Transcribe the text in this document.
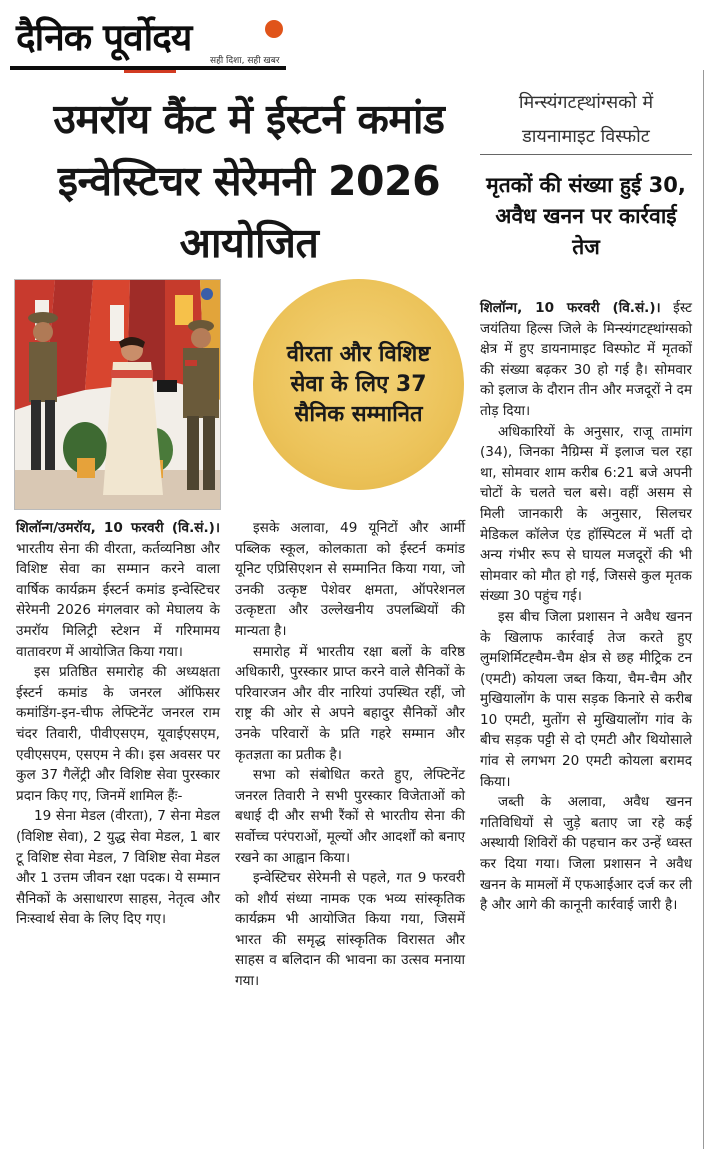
दैनिक पूर्वोदय
सही दिशा, सही खबर
उमरॉय कैंट में ईस्टर्न कमांड इन्वेस्टिचर सेरेमनी 2026 आयोजित
वीरता और विशिष्ट सेवा के लिए 37 सैनिक सम्मानित

शिलॉन्ग/उमरॉय, 10 फरवरी (वि.सं.)। भारतीय सेना की वीरता, कर्तव्यनिष्ठा और विशिष्ट सेवा का सम्मान करने वाला वार्षिक कार्यक्रम ईस्टर्न कमांड इन्वेस्टिचर सेरेमनी 2026 मंगलवार को मेघालय के उमरॉय मिलिट्री स्टेशन में गरिमामय वातावरण में आयोजित किया गया।

इस प्रतिष्ठित समारोह की अध्यक्षता ईस्टर्न कमांड के जनरल ऑफिसर कमांडिंग-इन-चीफ लेफ्टिनेंट जनरल राम चंदर तिवारी, पीवीएसएम, यूवाईएसएम, एवीएसएम, एसएम ने की। इस अवसर पर कुल 37 गैलेंट्री और विशिष्ट सेवा पुरस्कार प्रदान किए गए, जिनमें शामिल हैंः-

19 सेना मेडल (वीरता), 7 सेना मेडल (विशिष्ट सेवा), 2 युद्ध सेवा मेडल, 1 बार टू विशिष्ट सेवा मेडल, 7 विशिष्ट सेवा मेडल और 1 उत्तम जीवन रक्षा पदक। ये सम्मान सैनिकों के असाधारण साहस, नेतृत्व और निःस्वार्थ सेवा के लिए दिए गए।

इसके अलावा, 49 यूनिटों और आर्मी पब्लिक स्कूल, कोलकाता को ईस्टर्न कमांड यूनिट एप्रिसिएशन से सम्मानित किया गया, जो उनकी उत्कृष्ट पेशेवर क्षमता, ऑपरेशनल उत्कृष्टता और उल्लेखनीय उपलब्धियों की मान्यता है।

समारोह में भारतीय रक्षा बलों के वरिष्ठ अधिकारी, पुरस्कार प्राप्त करने वाले सैनिकों के परिवारजन और वीर नारियां उपस्थित रहीं, जो राष्ट्र की ओर से अपने बहादुर सैनिकों और उनके परिवारों के प्रति गहरे सम्मान और कृतज्ञता का प्रतीक है।

सभा को संबोधित करते हुए, लेफ्टिनेंट जनरल तिवारी ने सभी पुरस्कार विजेताओं को बधाई दी और सभी रैंकों से भारतीय सेना की सर्वोच्च परंपराओं, मूल्यों और आदर्शों को बनाए रखने का आह्वान किया।

इन्वेस्टिचर सेरेमनी से पहले, गत 9 फरवरी को शौर्य संध्या नामक एक भव्य सांस्कृतिक कार्यक्रम भी आयोजित किया गया, जिसमें भारत की समृद्ध सांस्कृतिक विरासत और साहस व बलिदान की भावना का उत्सव मनाया गया।

मिन्स्यंगटह्थांग्सको में डायनामाइट विस्फोट
मृतकों की संख्या हुई 30, अवैध खनन पर कार्रवाई तेज

शिलॉन्ग, 10 फरवरी (वि.सं.)। ईस्ट जयंतिया हिल्स जिले के मिन्स्यंगटह्थांग्सको क्षेत्र में हुए डायनामाइट विस्फोट में मृतकों की संख्या बढ़कर 30 हो गई है। सोमवार को इलाज के दौरान तीन और मजदूरों ने दम तोड़ दिया।

अधिकारियों के अनुसार, राजू तामांग (34), जिनका नैग्रिम्स में इलाज चल रहा था, सोमवार शाम करीब 6:21 बजे अपनी चोटों के चलते चल बसे। वहीं असम से मिली जानकारी के अनुसार, सिलचर मेडिकल कॉलेज एंड हॉस्पिटल में भर्ती दो अन्य गंभीर रूप से घायल मजदूरों की भी सोमवार को मौत हो गई, जिससे कुल मृतक संख्या 30 पहुंच गई।

इस बीच जिला प्रशासन ने अवैध खनन के खिलाफ कार्रवाई तेज करते हुए लुमशिर्मिटह्चैम-चैम क्षेत्र से छह मीट्रिक टन (एमटी) कोयला जब्त किया, चैम-चैम और मुखियालोंग के पास सड़क किनारे से करीब 10 एमटी, मुतोंग से मुखियालोंग गांव के बीच सड़क पट्टी से दो एमटी और थियोसाले गांव से लगभग 20 एमटी कोयला बरामद किया।

जब्ती के अलावा, अवैध खनन गतिविधियों से जुड़े बताए जा रहे कई अस्थायी शिविरों की पहचान कर उन्हें ध्वस्त कर दिया गया। जिला प्रशासन ने अवैध खनन के मामलों में एफआईआर दर्ज कर ली है और आगे की कानूनी कार्रवाई जारी है।
